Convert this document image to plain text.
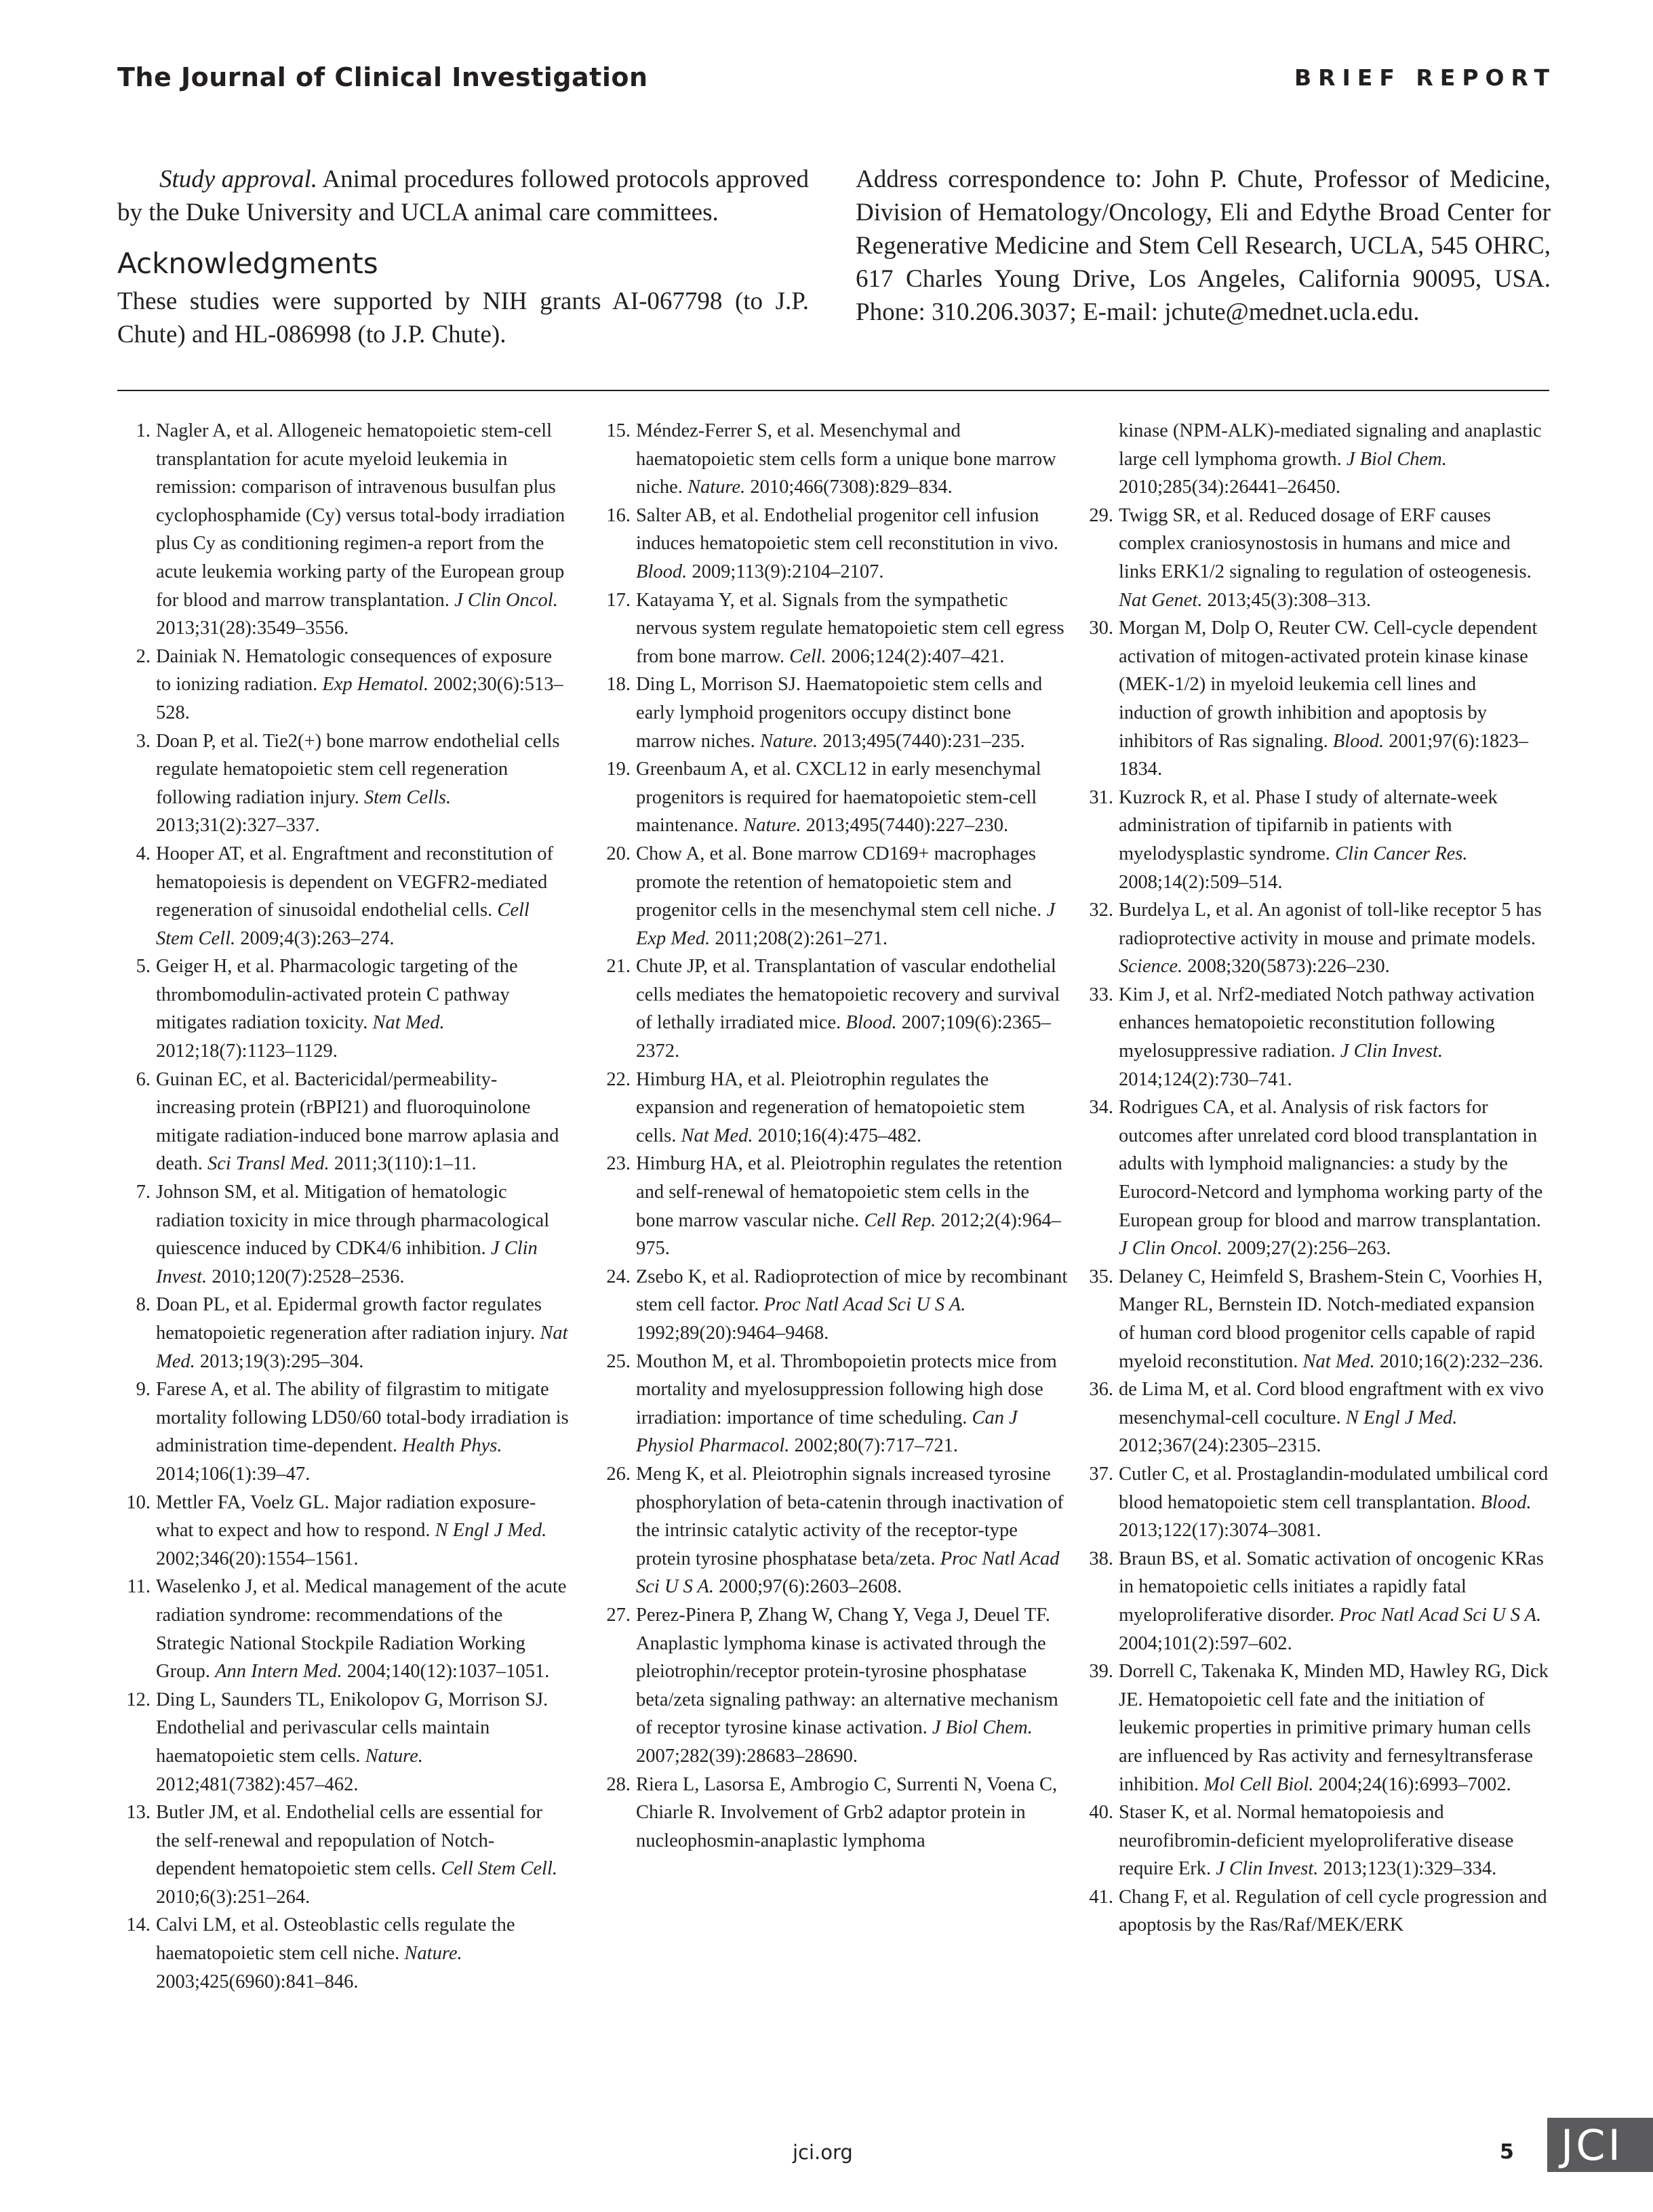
The Journal of Clinical Investigation	BRIEF REPORT

Study approval. Animal procedures followed protocols approved by the Duke University and UCLA animal care committees.

Acknowledgments

These studies were supported by NIH grants AI-067798 (to J.P. Chute) and HL-086998 (to J.P. Chute).

Address correspondence to: John P. Chute, Professor of Medicine, Division of Hematology/Oncology, Eli and Edythe Broad Center for Regenerative Medicine and Stem Cell Research, UCLA, 545 OHRC, 617 Charles Young Drive, Los Angeles, California 90095, USA. Phone: 310.206.3037; E-mail: jchute@mednet.ucla.edu.

1. Nagler A, et al. Allogeneic hematopoietic stem-cell transplantation for acute myeloid leukemia in remission: comparison of intravenous busulfan plus cyclophosphamide (Cy) versus total-body irradiation plus Cy as conditioning regimen-a report from the acute leukemia working party of the European group for blood and marrow transplantation. J Clin Oncol. 2013;31(28):3549–3556.

2. Dainiak N. Hematologic consequences of exposure to ionizing radiation. Exp Hematol. 2002;30(6):513–528.

3. Doan P, et al. Tie2(+) bone marrow endothelial cells regulate hematopoietic stem cell regeneration following radiation injury. Stem Cells. 2013;31(2):327–337.

4. Hooper AT, et al. Engraftment and reconstitution of hematopoiesis is dependent on VEGFR2-mediated regeneration of sinusoidal endothelial cells. Cell Stem Cell. 2009;4(3):263–274.

5. Geiger H, et al. Pharmacologic targeting of the thrombomodulin-activated protein C pathway mitigates radiation toxicity. Nat Med. 2012;18(7):1123–1129.

6. Guinan EC, et al. Bactericidal/permeability-increasing protein (rBPI21) and fluoroquinolone mitigate radiation-induced bone marrow aplasia and death. Sci Transl Med. 2011;3(110):1–11.

7. Johnson SM, et al. Mitigation of hematologic radiation toxicity in mice through pharmacological quiescence induced by CDK4/6 inhibition. J Clin Invest. 2010;120(7):2528–2536.

8. Doan PL, et al. Epidermal growth factor regulates hematopoietic regeneration after radiation injury. Nat Med. 2013;19(3):295–304.

9. Farese A, et al. The ability of filgrastim to mitigate mortality following LD50/60 total-body irradiation is administration time-dependent. Health Phys. 2014;106(1):39–47.

10. Mettler FA, Voelz GL. Major radiation exposure-what to expect and how to respond. N Engl J Med. 2002;346(20):1554–1561.

11. Waselenko J, et al. Medical management of the acute radiation syndrome: recommendations of the Strategic National Stockpile Radiation Working Group. Ann Intern Med. 2004;140(12):1037–1051.

12. Ding L, Saunders TL, Enikolopov G, Morrison SJ. Endothelial and perivascular cells maintain haematopoietic stem cells. Nature. 2012;481(7382):457–462.

13. Butler JM, et al. Endothelial cells are essential for the self-renewal and repopulation of Notch-dependent hematopoietic stem cells. Cell Stem Cell. 2010;6(3):251–264.

14. Calvi LM, et al. Osteoblastic cells regulate the haematopoietic stem cell niche. Nature. 2003;425(6960):841–846.

15. Méndez-Ferrer S, et al. Mesenchymal and haematopoietic stem cells form a unique bone marrow niche. Nature. 2010;466(7308):829–834.

16. Salter AB, et al. Endothelial progenitor cell infusion induces hematopoietic stem cell reconstitution in vivo. Blood. 2009;113(9):2104–2107.

17. Katayama Y, et al. Signals from the sympathetic nervous system regulate hematopoietic stem cell egress from bone marrow. Cell. 2006;124(2):407–421.

18. Ding L, Morrison SJ. Haematopoietic stem cells and early lymphoid progenitors occupy distinct bone marrow niches. Nature. 2013;495(7440):231–235.

19. Greenbaum A, et al. CXCL12 in early mesenchymal progenitors is required for haematopoietic stem-cell maintenance. Nature. 2013;495(7440):227–230.

20. Chow A, et al. Bone marrow CD169+ macrophages promote the retention of hematopoietic stem and progenitor cells in the mesenchymal stem cell niche. J Exp Med. 2011;208(2):261–271.

21. Chute JP, et al. Transplantation of vascular endothelial cells mediates the hematopoietic recovery and survival of lethally irradiated mice. Blood. 2007;109(6):2365–2372.

22. Himburg HA, et al. Pleiotrophin regulates the expansion and regeneration of hematopoietic stem cells. Nat Med. 2010;16(4):475–482.

23. Himburg HA, et al. Pleiotrophin regulates the retention and self-renewal of hematopoietic stem cells in the bone marrow vascular niche. Cell Rep. 2012;2(4):964–975.

24. Zsebo K, et al. Radioprotection of mice by recombinant stem cell factor. Proc Natl Acad Sci U S A. 1992;89(20):9464–9468.

25. Mouthon M, et al. Thrombopoietin protects mice from mortality and myelosuppression following high dose irradiation: importance of time scheduling. Can J Physiol Pharmacol. 2002;80(7):717–721.

26. Meng K, et al. Pleiotrophin signals increased tyrosine phosphorylation of beta-catenin through inactivation of the intrinsic catalytic activity of the receptor-type protein tyrosine phosphatase beta/zeta. Proc Natl Acad Sci U S A. 2000;97(6):2603–2608.

27. Perez-Pinera P, Zhang W, Chang Y, Vega J, Deuel TF. Anaplastic lymphoma kinase is activated through the pleiotrophin/receptor protein-tyrosine phosphatase beta/zeta signaling pathway: an alternative mechanism of receptor tyrosine kinase activation. J Biol Chem. 2007;282(39):28683–28690.

28. Riera L, Lasorsa E, Ambrogio C, Surrenti N, Voena C, Chiarle R. Involvement of Grb2 adaptor protein in nucleophosmin-anaplastic lymphoma

kinase (NPM-ALK)-mediated signaling and anaplastic large cell lymphoma growth. J Biol Chem. 2010;285(34):26441–26450.

29. Twigg SR, et al. Reduced dosage of ERF causes complex craniosynostosis in humans and mice and links ERK1/2 signaling to regulation of osteogenesis. Nat Genet. 2013;45(3):308–313.

30. Morgan M, Dolp O, Reuter CW. Cell-cycle dependent activation of mitogen-activated protein kinase kinase (MEK-1/2) in myeloid leukemia cell lines and induction of growth inhibition and apoptosis by inhibitors of Ras signaling. Blood. 2001;97(6):1823–1834.

31. Kuzrock R, et al. Phase I study of alternate-week administration of tipifarnib in patients with myelodysplastic syndrome. Clin Cancer Res. 2008;14(2):509–514.

32. Burdelya L, et al. An agonist of toll-like receptor 5 has radioprotective activity in mouse and primate models. Science. 2008;320(5873):226–230.

33. Kim J, et al. Nrf2-mediated Notch pathway activation enhances hematopoietic reconstitution following myelosuppressive radiation. J Clin Invest. 2014;124(2):730–741.

34. Rodrigues CA, et al. Analysis of risk factors for outcomes after unrelated cord blood transplantation in adults with lymphoid malignancies: a study by the Eurocord-Netcord and lymphoma working party of the European group for blood and marrow transplantation. J Clin Oncol. 2009;27(2):256–263.

35. Delaney C, Heimfeld S, Brashem-Stein C, Voorhies H, Manger RL, Bernstein ID. Notch-mediated expansion of human cord blood progenitor cells capable of rapid myeloid reconstitution. Nat Med. 2010;16(2):232–236.

36. de Lima M, et al. Cord blood engraftment with ex vivo mesenchymal-cell coculture. N Engl J Med. 2012;367(24):2305–2315.

37. Cutler C, et al. Prostaglandin-modulated umbilical cord blood hematopoietic stem cell transplantation. Blood. 2013;122(17):3074–3081.

38. Braun BS, et al. Somatic activation of oncogenic KRas in hematopoietic cells initiates a rapidly fatal myeloproliferative disorder. Proc Natl Acad Sci U S A. 2004;101(2):597–602.

39. Dorrell C, Takenaka K, Minden MD, Hawley RG, Dick JE. Hematopoietic cell fate and the initiation of leukemic properties in primitive primary human cells are influenced by Ras activity and fernesyltransferase inhibition. Mol Cell Biol. 2004;24(16):6993–7002.

40. Staser K, et al. Normal hematopoiesis and neurofibromin-deficient myeloproliferative disease require Erk. J Clin Invest. 2013;123(1):329–334.

41. Chang F, et al. Regulation of cell cycle progression and apoptosis by the Ras/Raf/MEK/ERK

jci.org	5 JCI
